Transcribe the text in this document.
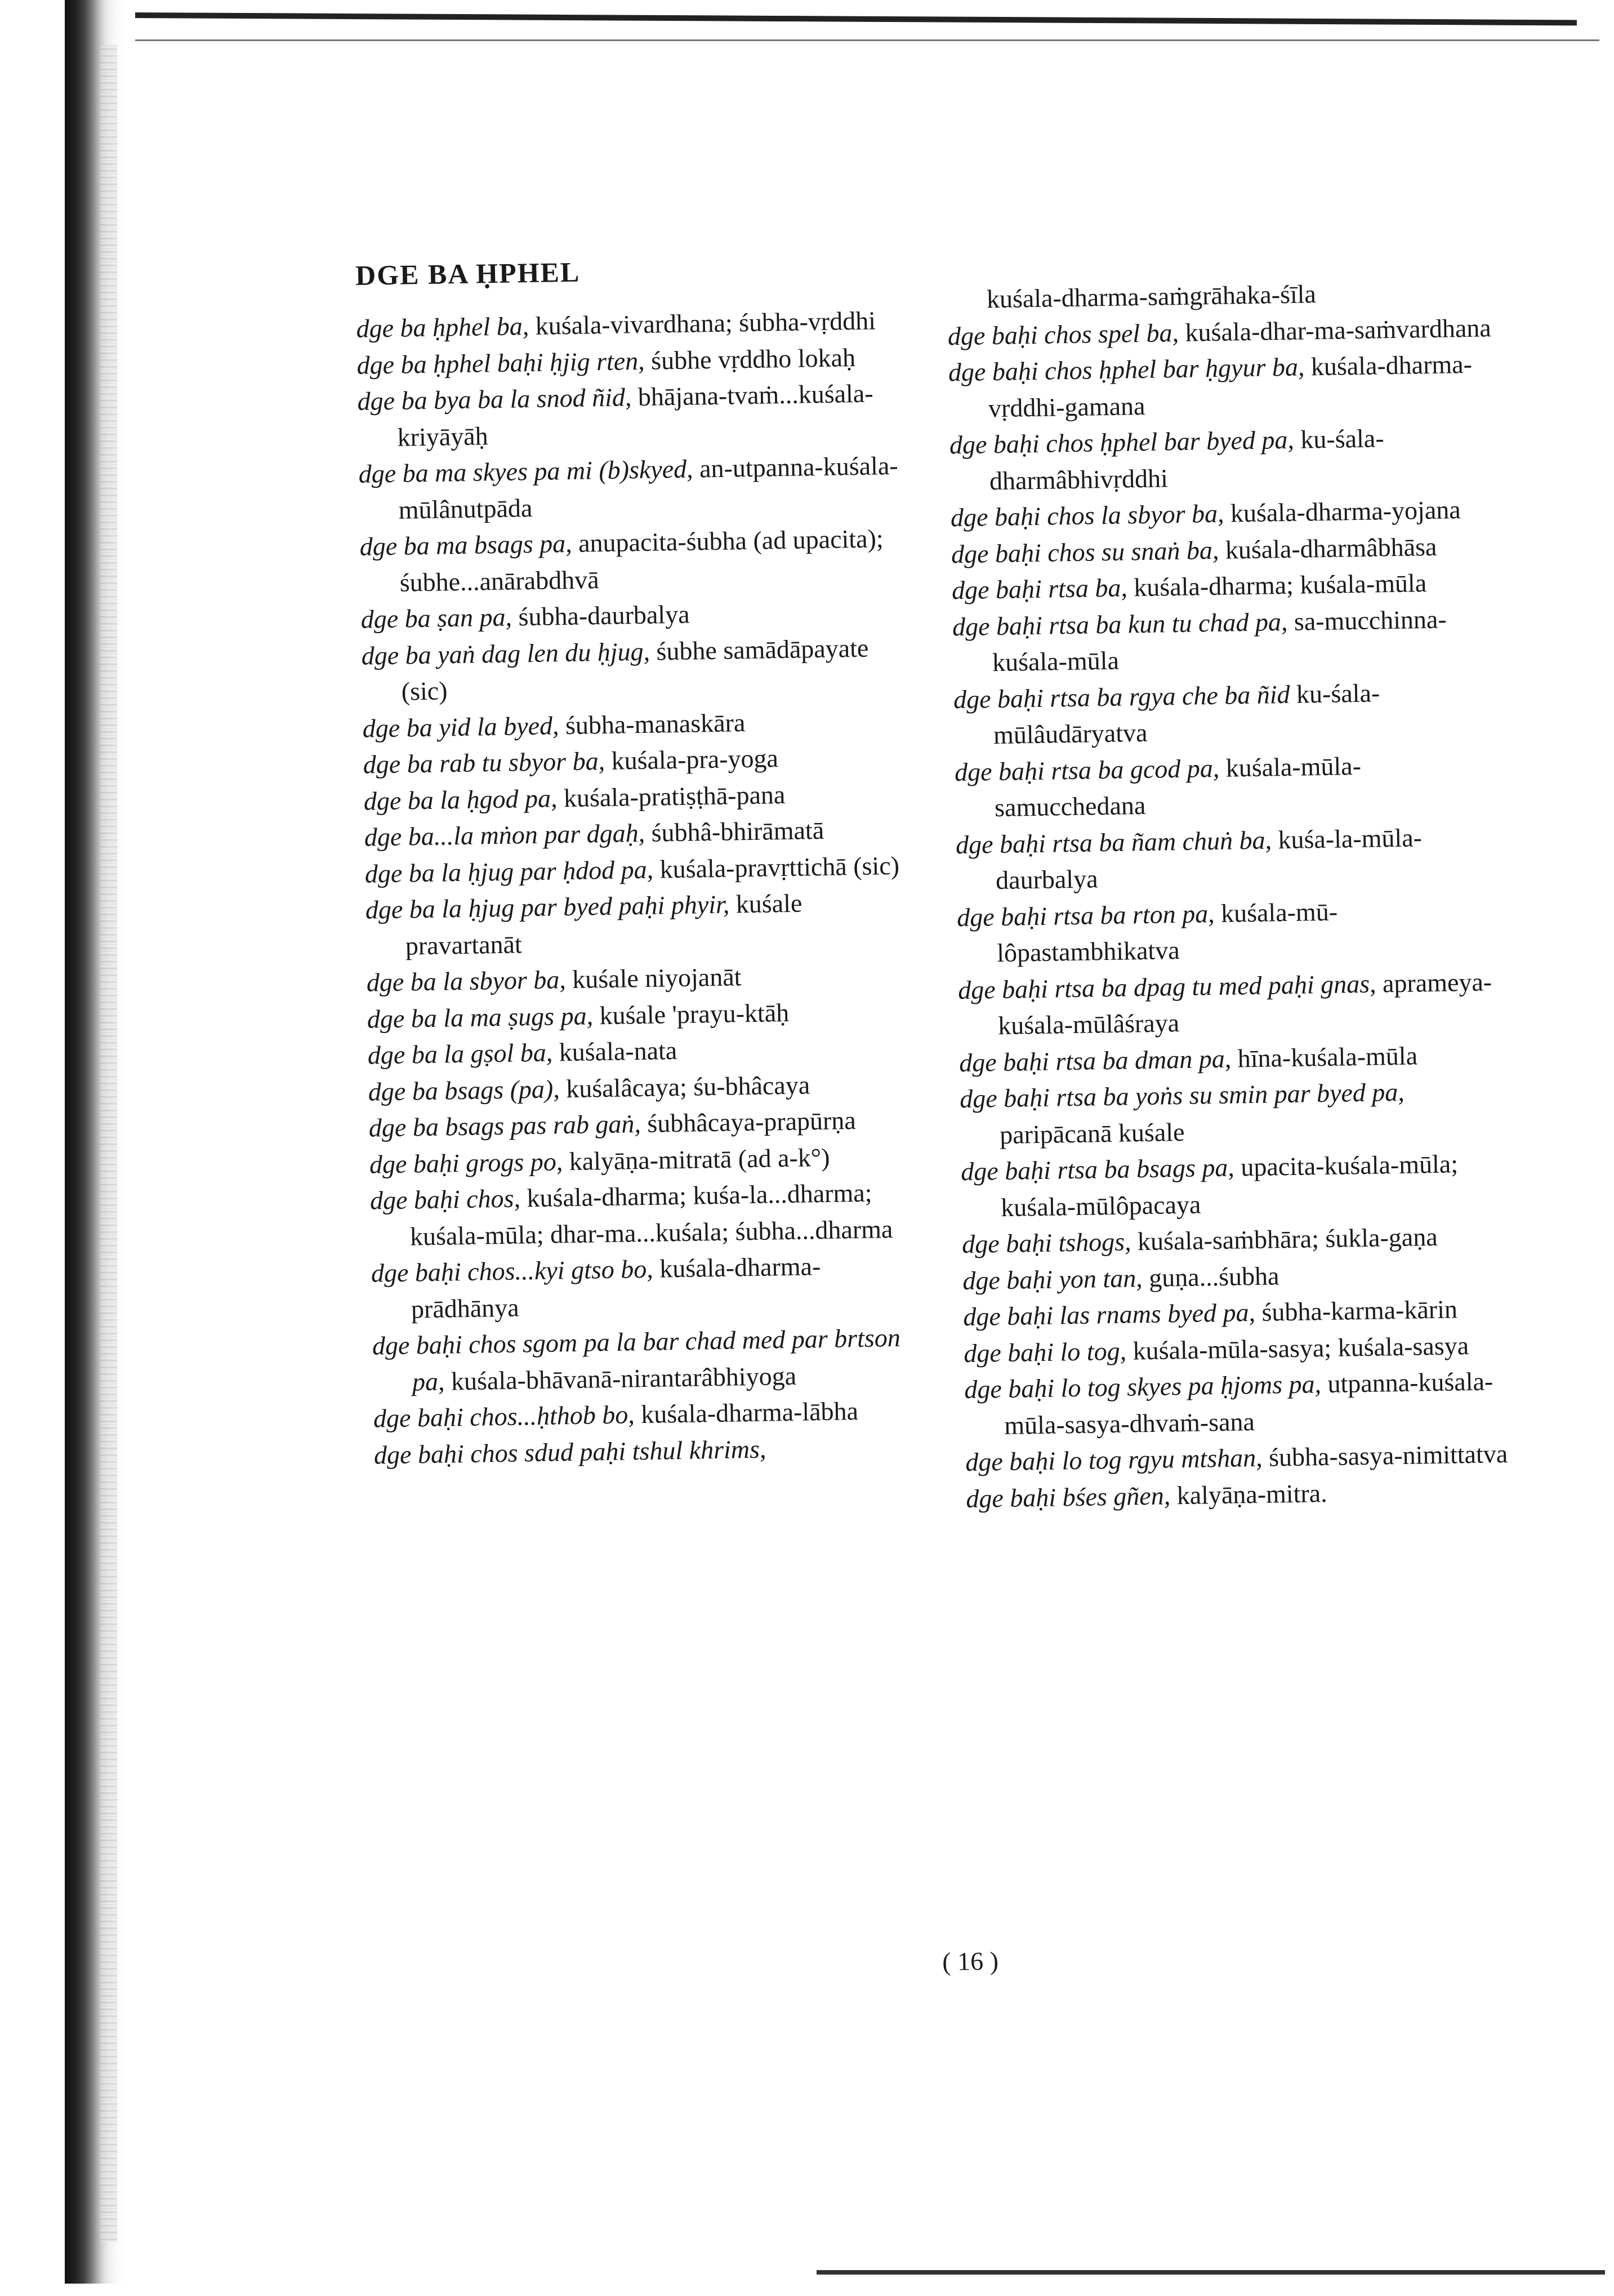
DGE BA ḤPHEL
dge ba ḥphel ba, kuśala-vivardhana; śubha-vṛddhi
dge ba ḥphel baḥi ḥjig rten, śubhe vṛddho lokaḥ
dge ba bya ba la snod ñid, bhājana-tvaṁ...kuśala-kriyāyāḥ
dge ba ma skyes pa mi (b)skyed, an-utpanna-kuśala-mūlânutpāda
dge ba ma bsags pa, anupacita-śubha (ad upacita); śubhe...anārabdhvā
dge ba ṣan pa, śubha-daurbalya
dge ba yaṅ dag len du ḥjug, śubhe samādāpayate (sic)
dge ba yid la byed, śubha-manaskāra
dge ba rab tu sbyor ba, kuśala-pra-yoga
dge ba la ḥgod pa, kuśala-pratiṣṭhā-pana
dge ba...la mṅon par dgaḥ, śubhâ-bhirāmatā
dge ba la ḥjug par ḥdod pa, kuśala-pravṛttichā (sic)
dge ba la ḥjug par byed paḥi phyir, kuśale pravartanāt
dge ba la sbyor ba, kuśale niyojanāt
dge ba la ma ṣugs pa, kuśale 'prayu-ktāḥ
dge ba la gṣol ba, kuśala-nata
dge ba bsags (pa), kuśalâcaya; śu-bhâcaya
dge ba bsags pas rab gaṅ, śubhâcaya-prapūrṇa
dge baḥi grogs po, kalyāṇa-mitratā (ad a-k°)
dge baḥi chos, kuśala-dharma; kuśa-la...dharma; kuśala-mūla; dhar-ma...kuśala; śubha...dharma
dge baḥi chos...kyi gtso bo, kuśala-dharma-prādhānya
dge baḥi chos sgom pa la bar chad med par brtson pa, kuśala-bhāvanā-nirantarâbhiyoga
dge baḥi chos...ḥthob bo, kuśala-dharma-lābha
dge baḥi chos sdud paḥi tshul khrims,
kuśala-dharma-saṁgrāhaka-śīla
dge baḥi chos spel ba, kuśala-dhar-ma-saṁvardhana
dge baḥi chos ḥphel bar ḥgyur ba, kuśala-dharma-vṛddhi-gamana
dge baḥi chos ḥphel bar byed pa, ku-śala-dharmâbhivṛddhi
dge baḥi chos la sbyor ba, kuśala-dharma-yojana
dge baḥi chos su snaṅ ba, kuśala-dharmâbhāsa
dge baḥi rtsa ba, kuśala-dharma; kuśala-mūla
dge baḥi rtsa ba kun tu chad pa, sa-mucchinna-kuśala-mūla
dge baḥi rtsa ba rgya che ba ñid ku-śala-mūlâudāryatva
dge baḥi rtsa ba gcod pa, kuśala-mūla-samucchedana
dge baḥi rtsa ba ñam chuṅ ba, kuśa-la-mūla-daurbalya
dge baḥi rtsa ba rton pa, kuśala-mū-lôpastambhikatva
dge baḥi rtsa ba dpag tu med paḥi gnas, aprameya-kuśala-mūlâśraya
dge baḥi rtsa ba dman pa, hīna-kuśala-mūla
dge baḥi rtsa ba yoṅs su smin par byed pa, paripācanā kuśale
dge baḥi rtsa ba bsags pa, upacita-kuśala-mūla; kuśala-mūlôpacaya
dge baḥi tshogs, kuśala-saṁbhāra; śukla-gaṇa
dge baḥi yon tan, guṇa...śubha
dge baḥi las rnams byed pa, śubha-karma-kārin
dge baḥi lo tog, kuśala-mūla-sasya; kuśala-sasya
dge baḥi lo tog skyes pa ḥjoms pa, utpanna-kuśala-mūla-sasya-dhvaṁ-sana
dge baḥi lo tog rgyu mtshan, śubha-sasya-nimittatva
dge baḥi bśes gñen, kalyāṇa-mitra.
( 16 )
